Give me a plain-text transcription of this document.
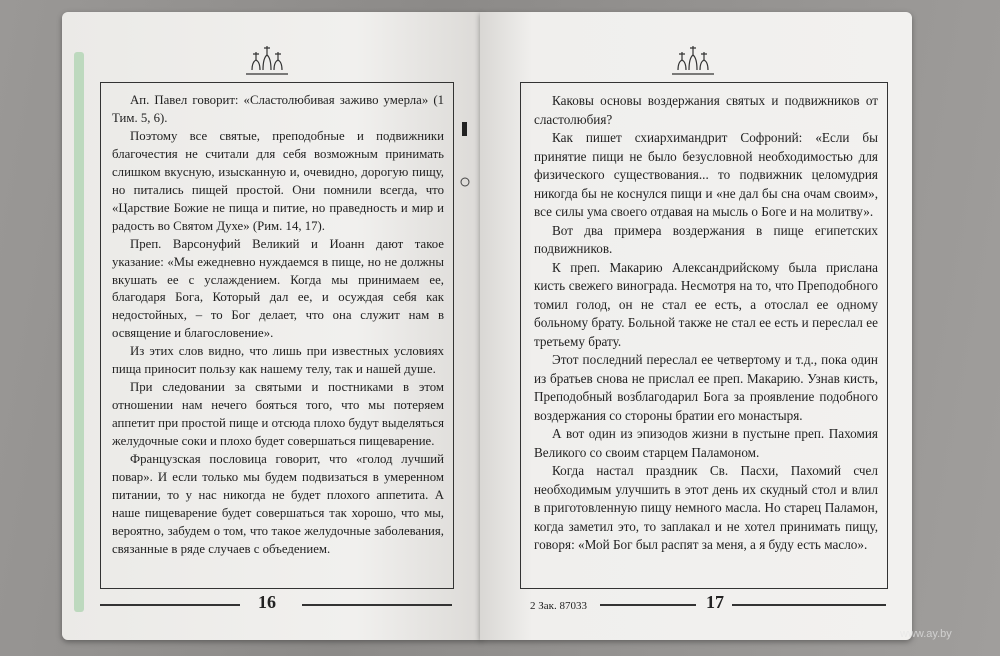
Ап. Павел говорит: «Сластолюбивая заживо умерла» (1 Тим. 5, 6).

Поэтому все святые, преподобные и подвижники благочестия не считали для себя возможным принимать слишком вкусную, изысканную и, очевидно, дорогую пищу, но питались пищей простой. Они помнили всегда, что «Царствие Божие не пища и питие, но праведность и мир и радость во Святом Духе» (Рим. 14, 17).

Преп. Варсонуфий Великий и Иоанн дают такое указание: «Мы ежедневно нуждаемся в пище, но не должны вкушать ее с услаждением. Когда мы принимаем ее, благодаря Бога, Который дал ее, и осуждая себя как недостойных, – то Бог делает, что она служит нам в освящение и благословение».

Из этих слов видно, что лишь при известных условиях пища приносит пользу как нашему телу, так и нашей душе.

При следовании за святыми и постниками в этом отношении нам нечего бояться того, что мы потеряем аппетит при простой пище и отсюда плохо будут выделяться желудочные соки и плохо будет совершаться пищеварение.

Французская пословица говорит, что «голод лучший повар». И если только мы будем подвизаться в умеренном питании, то у нас никогда не будет плохого аппетита. А наше пищеварение будет совершаться так хорошо, что мы, вероятно, забудем о том, что такое желудочные заболевания, связанные в ряде случаев с объедением.

16

Каковы основы воздержания святых и подвижников от сластолюбия?

Как пишет схиархимандрит Софроний: «Если бы принятие пищи не было безусловной необходимостью для физического существования... то подвижник целомудрия никогда бы не коснулся пищи и «не дал бы сна очам своим», все силы ума своего отдавая на мысль о Боге и на молитву».

Вот два примера воздержания в пище египетских подвижников.

К преп. Макарию Александрийскому была прислана кисть свежего винограда. Несмотря на то, что Преподобного томил голод, он не стал ее есть, а отослал ее одному больному брату. Больной также не стал ее есть и переслал ее третьему брату.

Этот последний переслал ее четвертому и т.д., пока один из братьев снова не прислал ее преп. Макарию. Узнав кисть, Преподобный возблагодарил Бога за проявление подобного воздержания со стороны братии его монастыря.

А вот один из эпизодов жизни в пустыне преп. Пахомия Великого со своим старцем Паламоном.

Когда настал праздник Св. Пасхи, Пахомий счел необходимым улучшить в этот день их скудный стол и влил в приготовленную пищу немного масла. Но старец Паламон, когда заметил это, то заплакал и не хотел принимать пищу, говоря: «Мой Бог был распят за меня, а я буду есть масло».

2 Зак. 87033	17
www.ay.by
